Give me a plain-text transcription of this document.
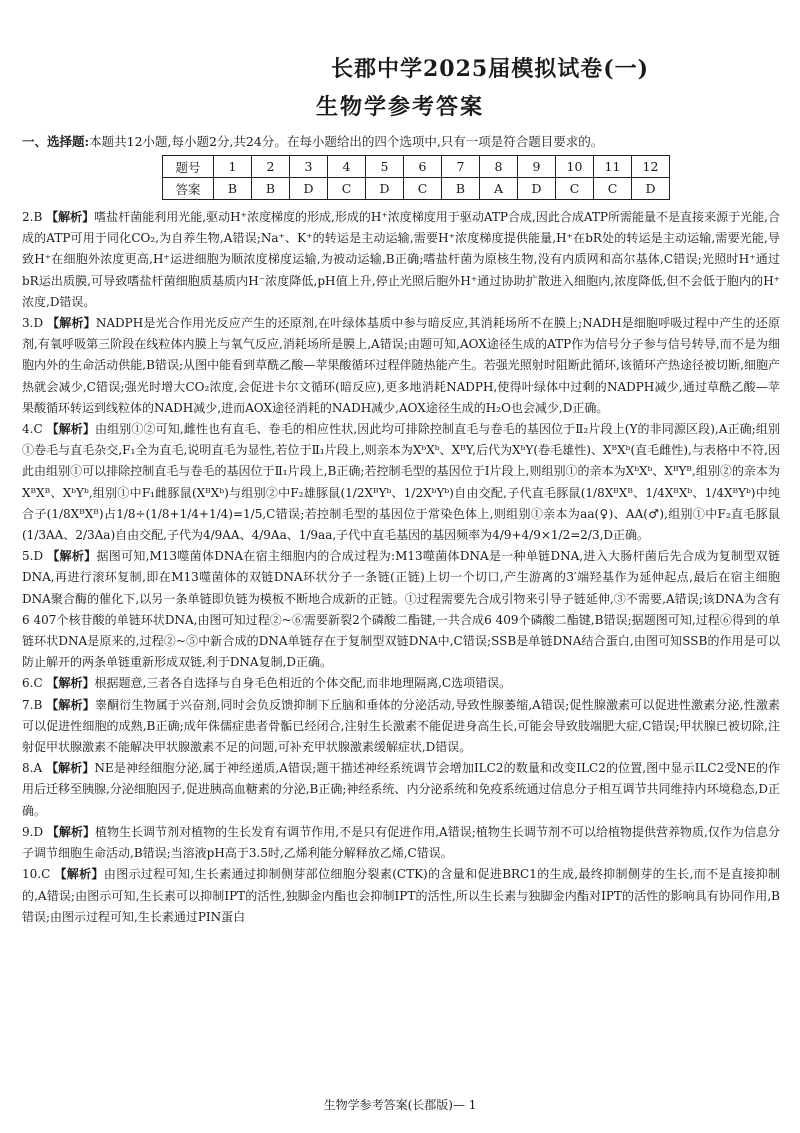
长郡中学2025届模拟试卷(一)
生物学参考答案
一、选择题:本题共12小题,每小题2分,共24分。在每小题给出的四个选项中,只有一项是符合题目要求的。
题号	1	2	3	4	5	6	7	8	9	10	11	12
答案	B	B	D	C	D	C	B	A	D	C	C	D
2.B 【解析】嗜盐杆菌能利用光能,驱动H⁺浓度梯度的形成,形成的H⁺浓度梯度用于驱动ATP合成,因此合成ATP所需能量不是直接来源于光能,合成的ATP可用于同化CO₂,为自养生物,A错误;Na⁺、K⁺的转运是主动运输,需要H⁺浓度梯度提供能量,H⁺在bR处的转运是主动运输,需要光能,导致H⁺在细胞外浓度更高,H⁺运进细胞为顺浓度梯度运输,为被动运输,B正确;嗜盐杆菌为原核生物,没有内质网和高尔基体,C错误;光照时H⁺通过bR运出质膜,可导致嗜盐杆菌细胞质基质内H⁻浓度降低,pH值上升,停止光照后胞外H⁺通过协助扩散进入细胞内,浓度降低,但不会低于胞内的H⁺浓度,D错误。
3.D 【解析】NADPH是光合作用光反应产生的还原剂,在叶绿体基质中参与暗反应,其消耗场所不在膜上;NADH是细胞呼吸过程中产生的还原剂,有氧呼吸第三阶段在线粒体内膜上与氧气反应,消耗场所是膜上,A错误;由题可知,AOX途径生成的ATP作为信号分子参与信号转导,而不是为细胞内外的生命活动供能,B错误;从图中能看到草酰乙酸—苹果酸循环过程伴随热能产生。若强光照射时阻断此循环,该循环产热途径被切断,细胞产热就会减少,C错误;强光时增大CO₂浓度,会促进卡尔文循环(暗反应),更多地消耗NADPH,使得叶绿体中过剩的NADPH减少,通过草酰乙酸—苹果酸循环转运到线粒体的NADH减少,进而AOX途径消耗的NADH减少,AOX途径生成的H₂O也会减少,D正确。
4.C 【解析】由组别①②可知,雌性也有直毛、卷毛的相应性状,因此均可排除控制直毛与卷毛的基因位于Ⅱ₂片段上(Y的非同源区段),A正确;组别①卷毛与直毛杂交,F₁全为直毛,说明直毛为显性,若位于Ⅱ₁片段上,则亲本为XᵇXᵇ、XᴮY,后代为XᵇY(卷毛雄性)、XᴮXᵇ(直毛雌性),与表格中不符,因此由组别①可以排除控制直毛与卷毛的基因位于Ⅱ₁片段上,B正确;若控制毛型的基因位于Ⅰ片段上,则组别①的亲本为XᵇXᵇ、XᴮYᴮ,组别②的亲本为XᴮXᴮ、XᵇYᵇ,组别①中F₁雌豚鼠(XᴮXᵇ)与组别②中F₂雄豚鼠(1/2XᴮYᵇ、1/2XᵇYᵇ)自由交配,子代直毛豚鼠(1/8XᴮXᴮ、1/4XᴮXᵇ、1/4XᴮYᵇ)中纯合子(1/8XᴮXᴮ)占1/8÷(1/8+1/4+1/4)=1/5,C错误;若控制毛型的基因位于常染色体上,则组别①亲本为aa(♀)、AA(♂),组别①中F₂直毛豚鼠(1/3AA、2/3Aa)自由交配,子代为4/9AA、4/9Aa、1/9aa,子代中直毛基因的基因频率为4/9+4/9×1/2=2/3,D正确。
5.D 【解析】据图可知,M13噬菌体DNA在宿主细胞内的合成过程为:M13噬菌体DNA是一种单链DNA,进入大肠杆菌后先合成为复制型双链DNA,再进行滚环复制,即在M13噬菌体的双链DNA环状分子一条链(正链)上切一个切口,产生游离的3′端羟基作为延伸起点,最后在宿主细胞DNA聚合酶的催化下,以另一条单链即负链为模板不断地合成新的正链。①过程需要先合成引物来引导子链延伸,③不需要,A错误;该DNA为含有6 407个核苷酸的单链环状DNA,由图可知过程②~⑥需要新裂2个磷酸二酯键,一共合成6 409个磷酸二酯键,B错误;据题图可知,过程⑥得到的单链环状DNA是原来的,过程②~⑤中新合成的DNA单链存在于复制型双链DNA中,C错误;SSB是单链DNA结合蛋白,由图可知SSB的作用是可以防止解开的两条单链重新形成双链,利于DNA复制,D正确。
6.C 【解析】根据题意,三者各自选择与自身毛色相近的个体交配,而非地理隔离,C选项错误。
7.B 【解析】睾酮衍生物属于兴奋剂,同时会负反馈抑制下丘脑和垂体的分泌活动,导致性腺萎缩,A错误;促性腺激素可以促进性激素分泌,性激素可以促进性细胞的成熟,B正确;成年侏儒症患者骨骺已经闭合,注射生长激素不能促进身高生长,可能会导致肢端肥大症,C错误;甲状腺已被切除,注射促甲状腺激素不能解决甲状腺激素不足的问题,可补充甲状腺激素缓解症状,D错误。
8.A 【解析】NE是神经细胞分泌,属于神经递质,A错误;题干描述神经系统调节会增加ILC2的数量和改变ILC2的位置,图中显示ILC2受NE的作用后迁移至胰腺,分泌细胞因子,促进胰高血糖素的分泌,B正确;神经系统、内分泌系统和免疫系统通过信息分子相互调节共同维持内环境稳态,D正确。
9.D 【解析】植物生长调节剂对植物的生长发育有调节作用,不是只有促进作用,A错误;植物生长调节剂不可以给植物提供营养物质,仅作为信息分子调节细胞生命活动,B错误;当溶液pH高于3.5时,乙烯利能分解释放乙烯,C错误。
10.C 【解析】由图示过程可知,生长素通过抑制侧芽部位细胞分裂素(CTK)的含量和促进BRC1的生成,最终抑制侧芽的生长,而不是直接抑制的,A错误;由图示可知,生长素可以抑制IPT的活性,独脚金内酯也会抑制IPT的活性,所以生长素与独脚金内酯对IPT的活性的影响具有协同作用,B错误;由图示过程可知,生长素通过PIN蛋白
生物学参考答案(长郡版)— 1
